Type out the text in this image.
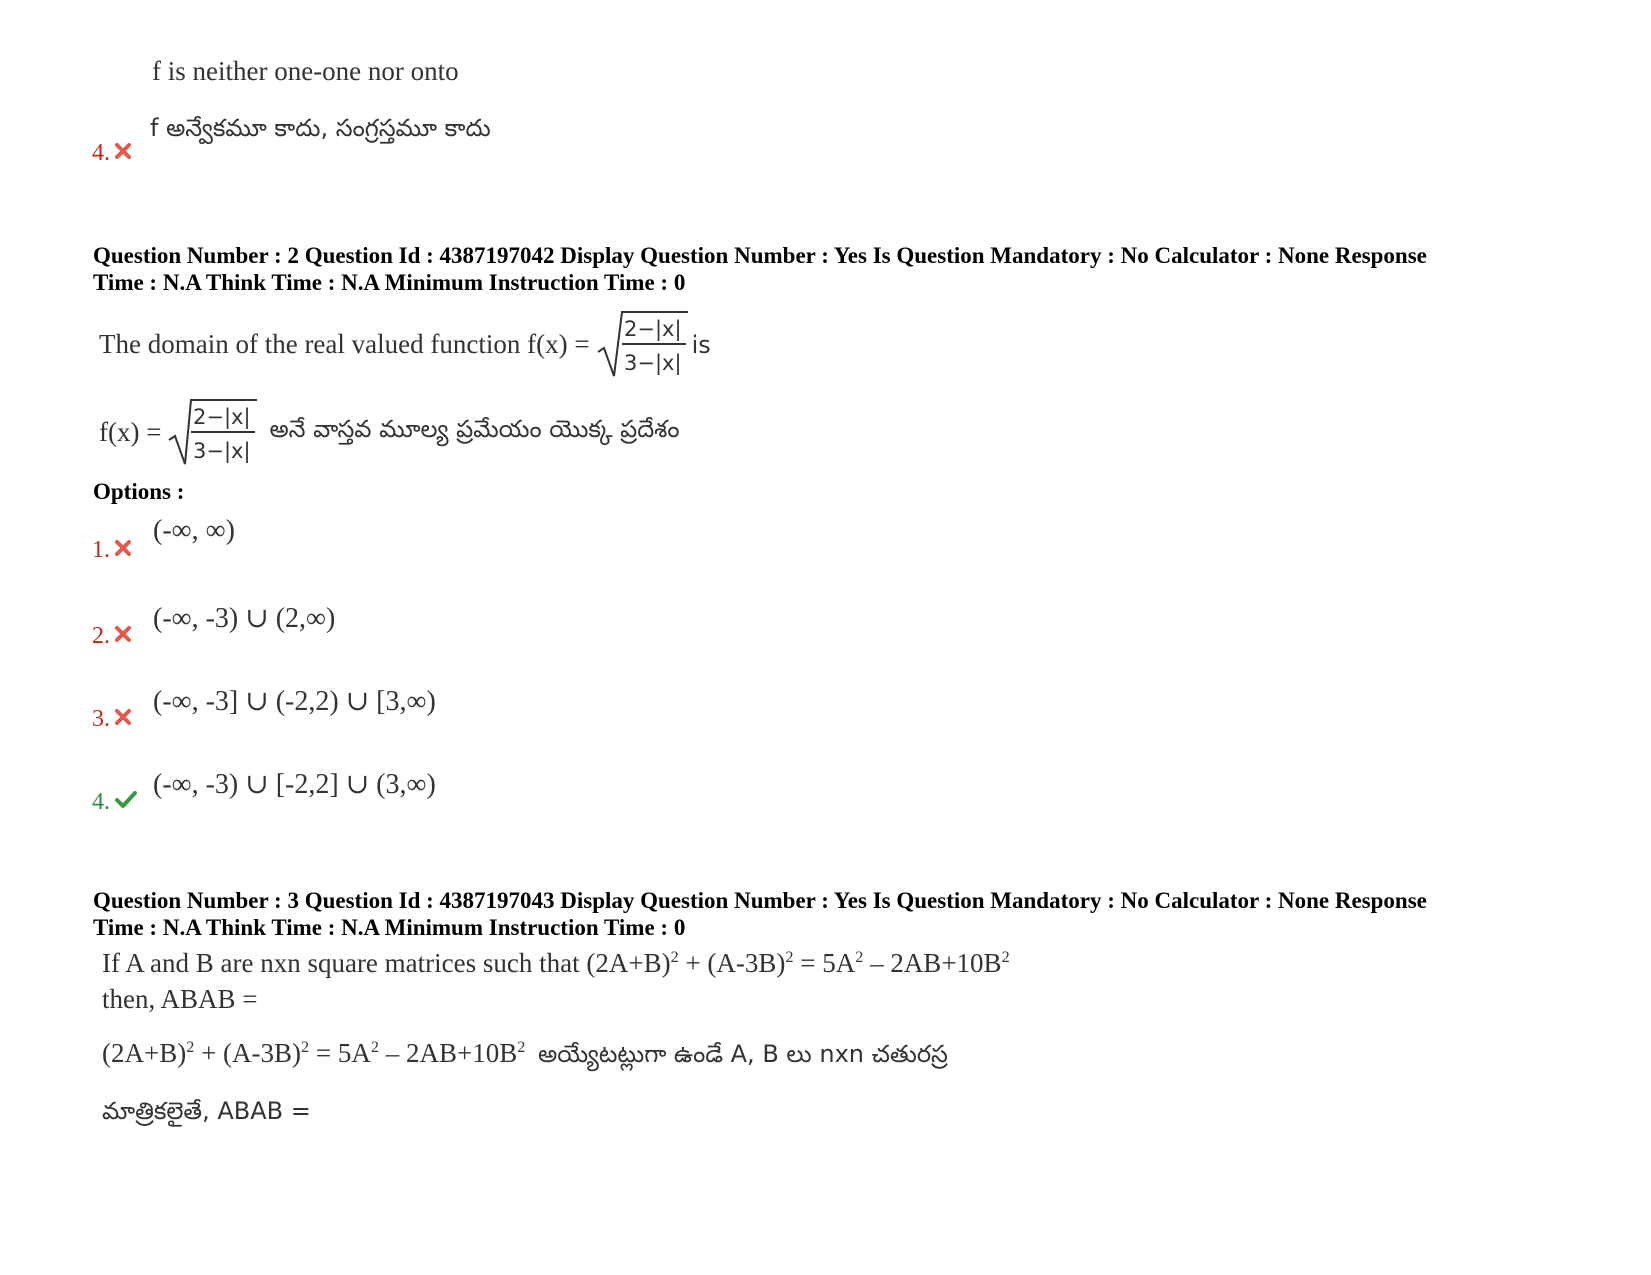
f is neither one-one nor onto
f అన్వేకమూ కాదు, సంగ్రస్తమూ కాదు
4.
Question Number : 2 Question Id : 4387197042 Display Question Number : Yes Is Question Mandatory : No Calculator : None Response
Time : N.A Think Time : N.A Minimum Instruction Time : 0
The domain of the real valued function f(x) = 2−|x|
3−|x|
is
f(x) = 2−|x|
3−|x|
అనే వాస్తవ మూల్య ప్రమేయం యొక్క ప్రదేశం
Options :
(-∞, ∞)
1.
(-∞, -3) ∪ (2,∞)
2.
(-∞, -3] ∪ (-2,2) ∪ [3,∞)
3.
(-∞, -3) ∪ [-2,2] ∪ (3,∞)
4.
Question Number : 3 Question Id : 4387197043 Display Question Number : Yes Is Question Mandatory : No Calculator : None Response
Time : N.A Think Time : N.A Minimum Instruction Time : 0
If A and B are nxn square matrices such that $(2A+B)^2 + (A-3B)^2 = 5A^2 - 2AB+10B^2$
then, ABAB =
$(2A+B)^2 + (A-3B)^2 = 5A^2 - 2AB+10B^2$ అయ్యేటట్లుగా ఉండే A, B లు nxn చతురస్ర
మాత్రికలైతే, ABAB =
